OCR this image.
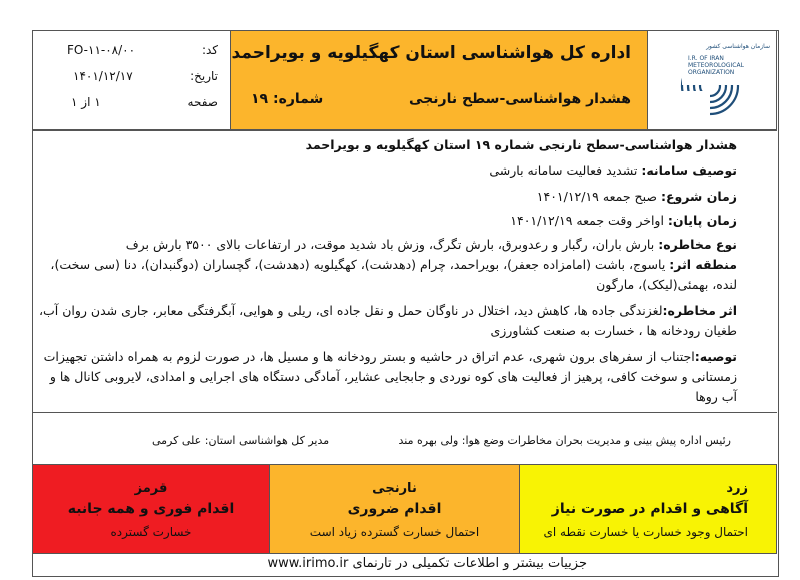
کد:
FO-۱۱-۰۸/۰۰
تاریخ:
۱۴۰۱/۱۲/۱۷
صفحه
۱ از ۱
اداره کل هواشناسی استان کهگیلویه و بویراحمد
هشدار هواشناسی-سطح نارنجی
شماره: ۱۹
سازمان هواشناسی کشور
I.R. OF IRAN METEOROLOGICAL ORGANIZATION
هشدار هواشناسی-سطح نارنجی شماره ۱۹ استان کهگیلویه و بویراحمد
توصیف سامانه: تشدید فعالیت سامانه بارشی
زمان شروع: صبح جمعه ۱۴۰۱/۱۲/۱۹
زمان پایان: اواخر وقت جمعه ۱۴۰۱/۱۲/۱۹
نوع مخاطره: بارش باران، رگبار و رعدوبرق، بارش تگرگ، وزش باد شدید موقت، در ارتفاعات بالای ۳۵۰۰ بارش برف
منطقه اثر: یاسوج، باشت (امامزاده جعفر)، بویراحمد، چرام (دهدشت)، کهگیلویه (دهدشت)، گچساران (دوگنبدان)، دنا (سی سخت)، لنده، بهمئی(لیکک)، مارگون
اثر مخاطره:لغزندگی جاده ها، کاهش دید، اختلال در ناوگان حمل و نقل جاده ای، ریلی و هوایی، آبگرفتگی معابر، جاری شدن روان آب، طغیان رودخانه ها ، خسارت به صنعت کشاورزی
توصیه:اجتناب از سفرهای برون شهری، عدم اتراق در حاشیه و بستر رودخانه ها و مسیل ها، در صورت لزوم به همراه داشتن تجهیزات زمستانی و سوخت کافی، پرهیز از فعالیت های کوه نوردی و جابجایی عشایر، آمادگی دستگاه های اجرایی و امدادی، لایروبی کانال ها و آب روها
رئیس اداره پیش بینی و مدیریت بحران مخاطرات وضع هوا: ولی بهره مند
مدیر کل هواشناسی استان: علی کرمی
زرد
آگاهی و اقدام در صورت نیاز
احتمال وجود خسارت یا خسارت نقطه ای
نارنجی
اقدام ضروری
احتمال خسارت گسترده زیاد است
قرمز
اقدام فوری و همه جانبه
خسارت گسترده
جزییات بیشتر و اطلاعات تکمیلی در تارنمای www.irimo.ir
